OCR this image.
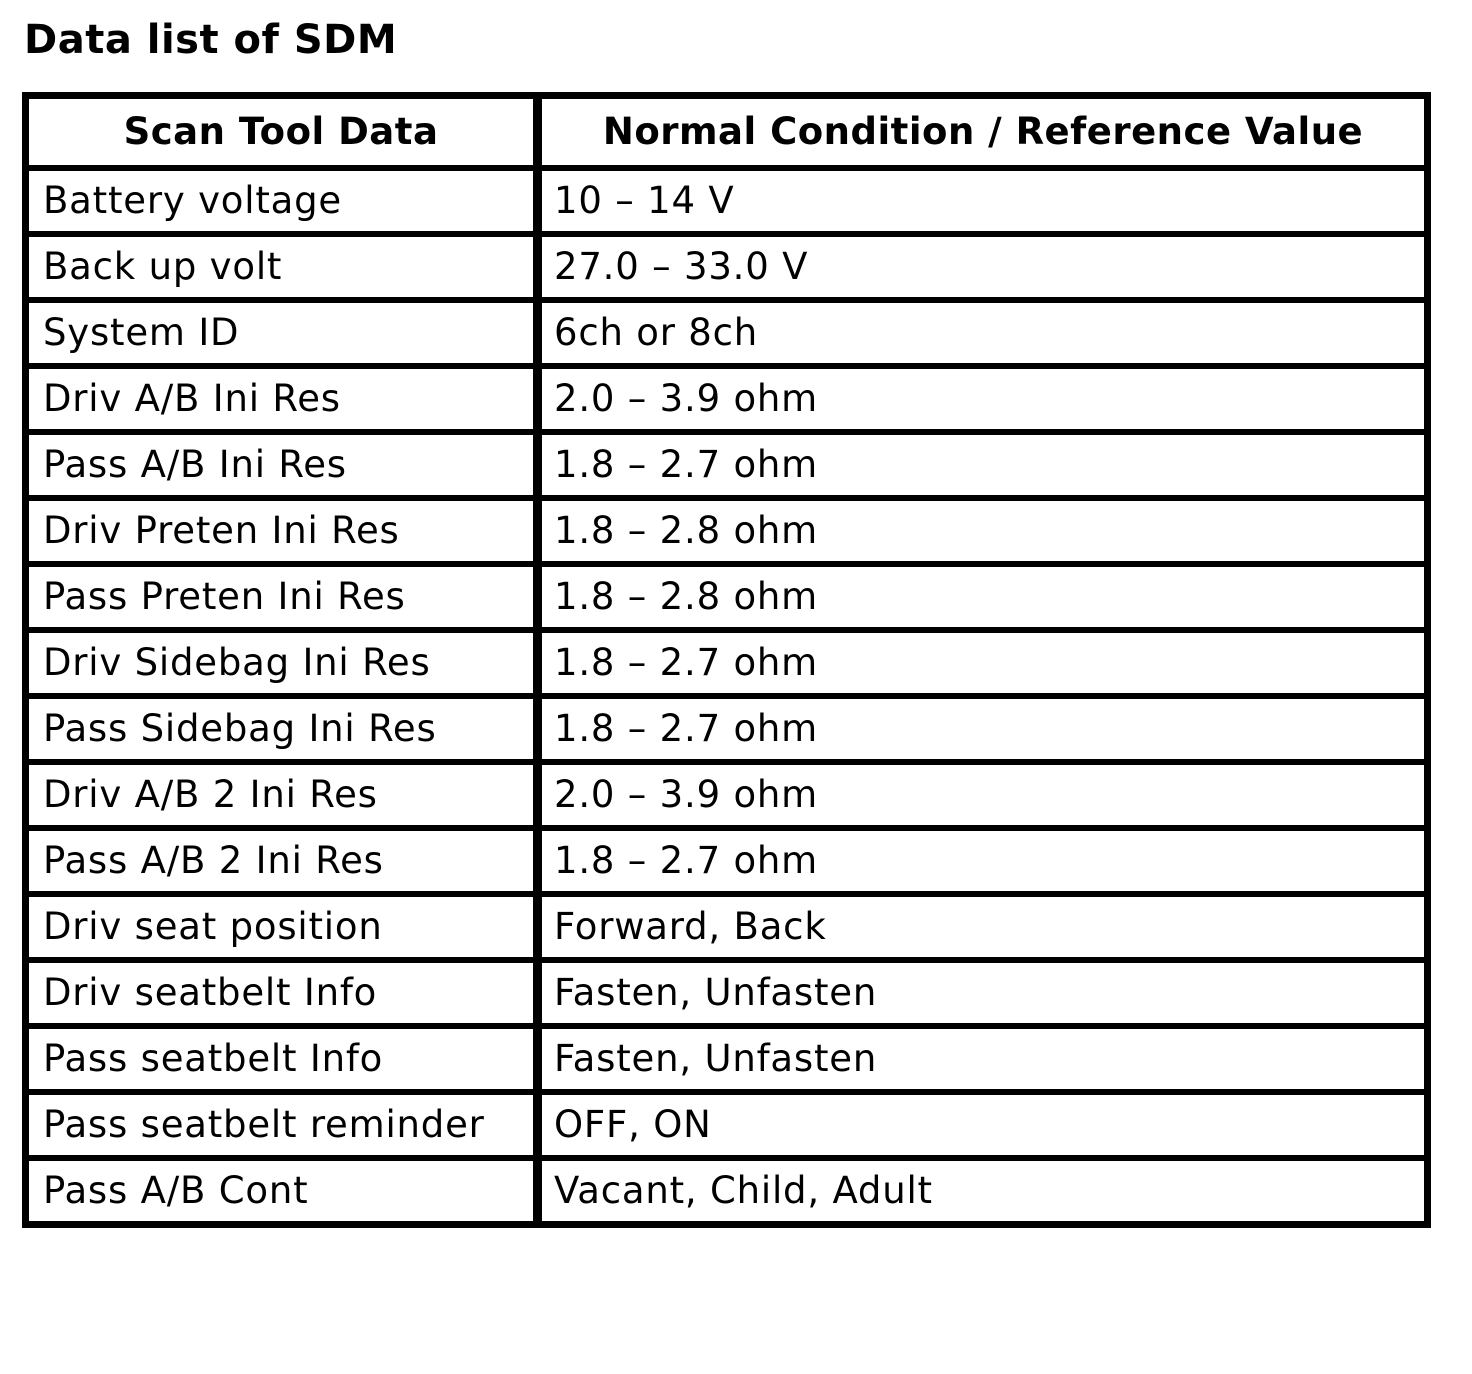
Data list of SDM
Scan Tool Data	Normal Condition / Reference Value
Battery voltage	10 – 14 V
Back up volt	27.0 – 33.0 V
System ID	6ch or 8ch
Driv A/B Ini Res	2.0 – 3.9 ohm
Pass A/B Ini Res	1.8 – 2.7 ohm
Driv Preten Ini Res	1.8 – 2.8 ohm
Pass Preten Ini Res	1.8 – 2.8 ohm
Driv Sidebag Ini Res	1.8 – 2.7 ohm
Pass Sidebag Ini Res	1.8 – 2.7 ohm
Driv A/B 2 Ini Res	2.0 – 3.9 ohm
Pass A/B 2 Ini Res	1.8 – 2.7 ohm
Driv seat position	Forward, Back
Driv seatbelt Info	Fasten, Unfasten
Pass seatbelt Info	Fasten, Unfasten
Pass seatbelt reminder	OFF, ON
Pass A/B Cont	Vacant, Child, Adult
